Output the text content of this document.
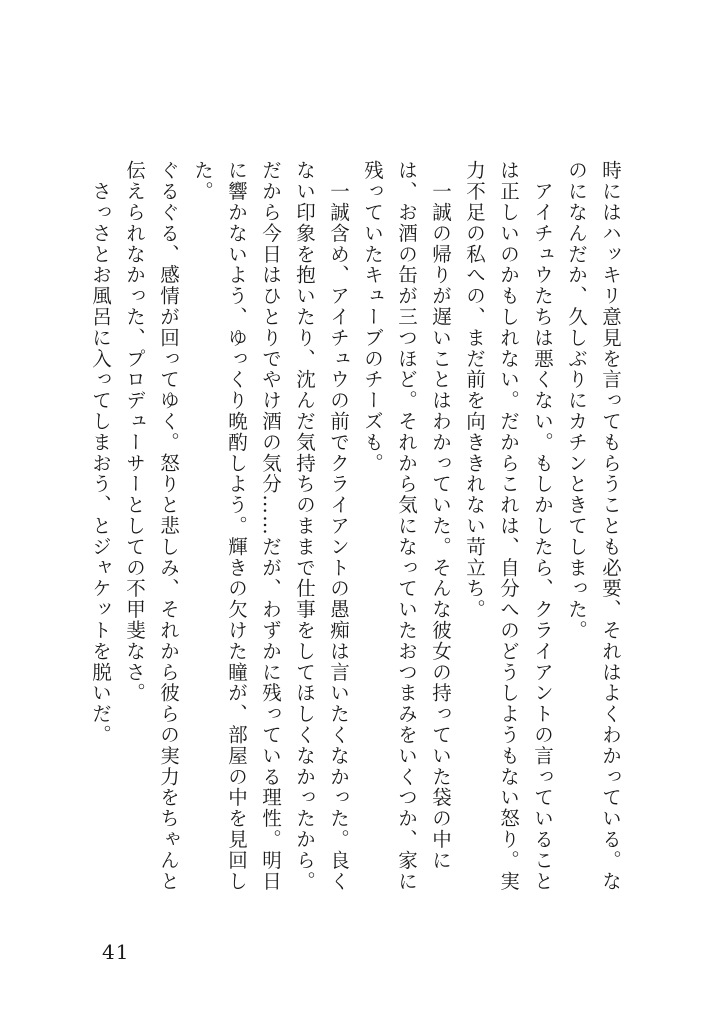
時にはハッキリ意見を言ってもらうことも必要、それはよくわかっている。なのになんだか、久しぶりにカチンときてしまった。

　アイチュウたちは悪くない。もしかしたら、クライアントの言っていることは正しいのかもしれない。だからこれは、自分へのどうしようもない怒り。実力不足の私への、まだ前を向ききれない苛立ち。

　一誠の帰りが遅いことはわかっていた。そんな彼女の持っていた袋の中には、お酒の缶が三つほど。それから気になっていたおつまみをいくつか、家に残っていたキューブのチーズも。

　一誠含め、アイチュウの前でクライアントの愚痴は言いたくなかった。良くない印象を抱いたり、沈んだ気持ちのままで仕事をしてほしくなかったから。

だから今日はひとりでやけ酒の気分……だが、わずかに残っている理性。明日に響かないよう、ゆっくり晩酌しよう。輝きの欠けた瞳が、部屋の中を見回した。

ぐるぐる、感情が回ってゆく。怒りと悲しみ、それから彼らの実力をちゃんと伝えられなかった、プロデューサーとしての不甲斐なさ。

　さっさとお風呂に入ってしまおう、とジャケットを脱いだ。

41
